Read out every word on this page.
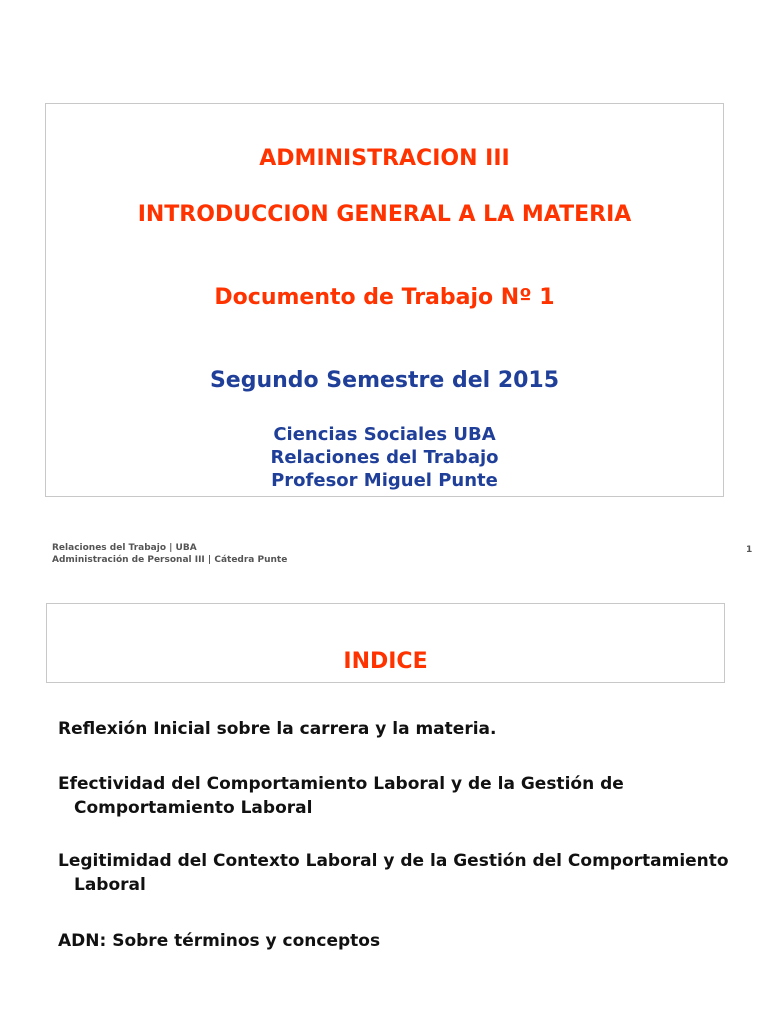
ADMINISTRACION III
INTRODUCCION GENERAL A LA MATERIA
Documento de Trabajo Nº 1
Segundo Semestre del 2015
Ciencias Sociales UBA
Relaciones del Trabajo
Profesor Miguel Punte
Relaciones del Trabajo | UBA
Administración de Personal III | Cátedra Punte
1
INDICE
Reflexión Inicial sobre la carrera y la materia.
Efectividad del Comportamiento Laboral y de la Gestión de Comportamiento Laboral
Legitimidad del Contexto Laboral y de la Gestión del Comportamiento Laboral
ADN: Sobre términos y conceptos
